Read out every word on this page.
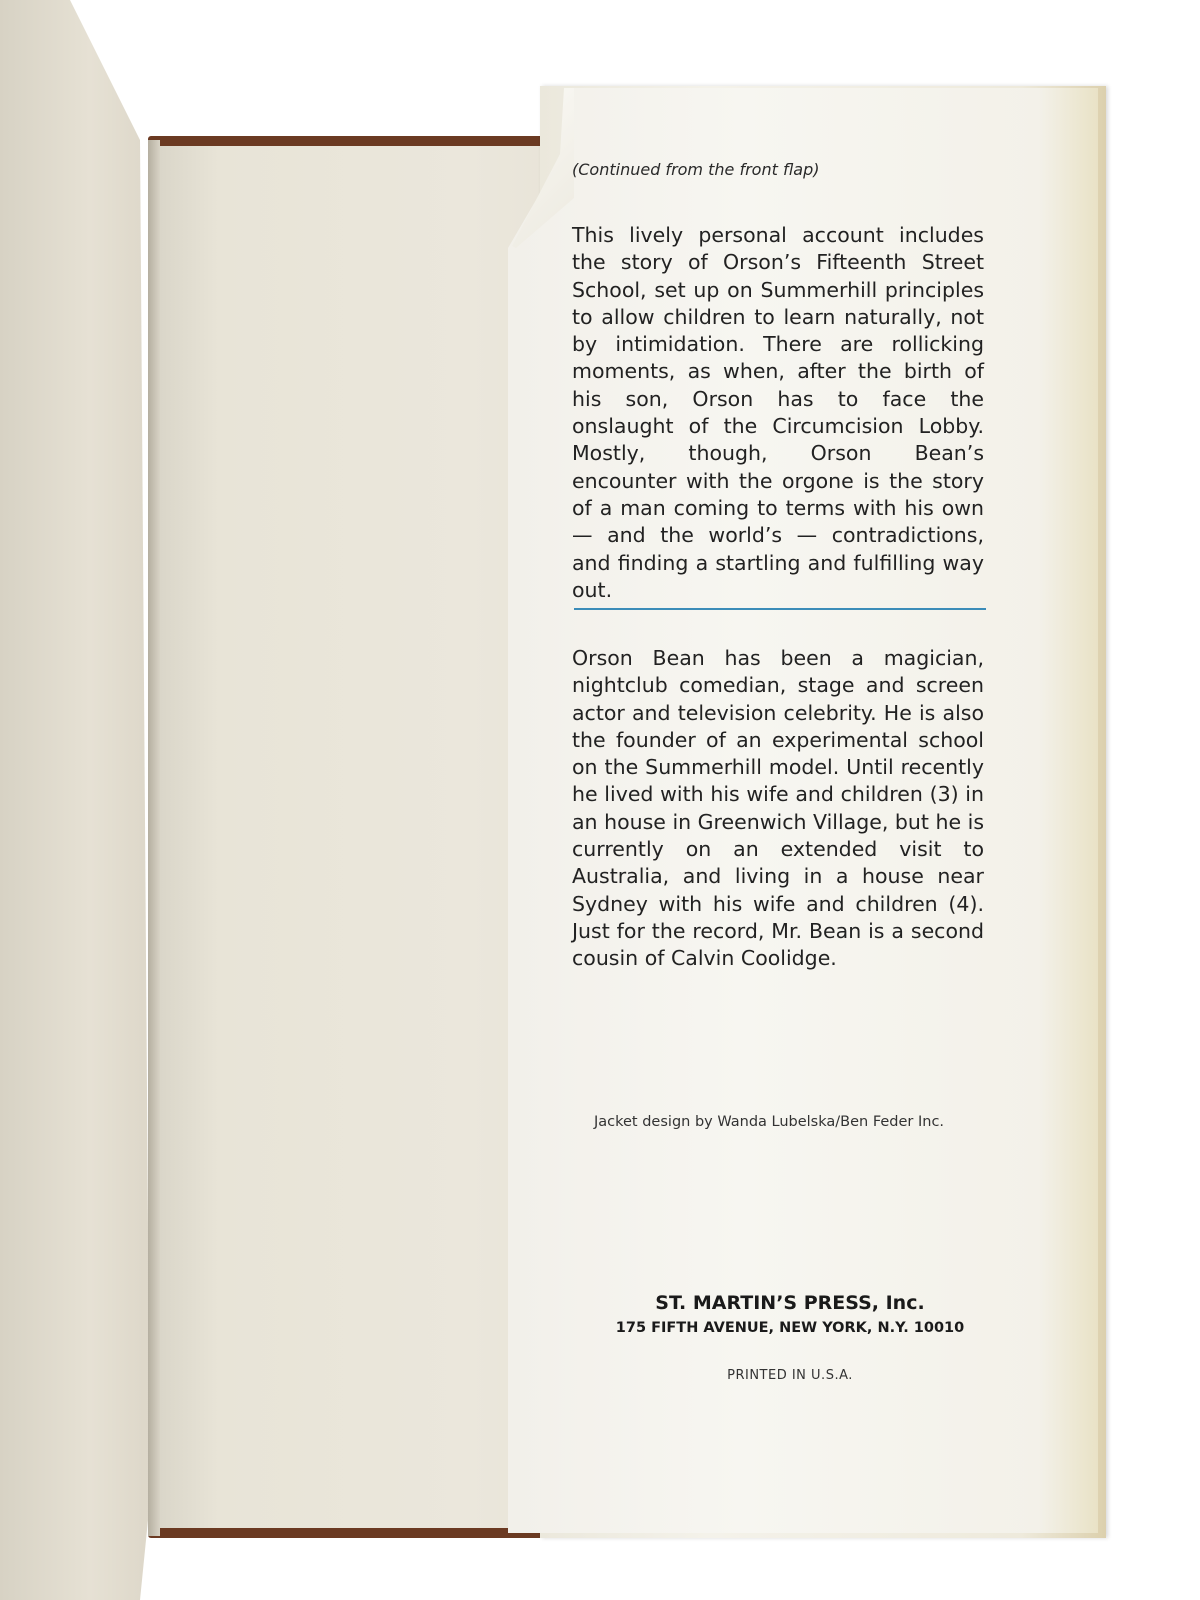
(Continued from the front flap)
This lively personal account includes the story of Orson’s Fifteenth Street School, set up on Summerhill principles to allow children to learn naturally, not by intimidation. There are rollicking moments, as when, after the birth of his son, Orson has to face the onslaught of the Circumcision Lobby. Mostly, though, Orson Bean’s encounter with the orgone is the story of a man coming to terms with his own — and the world’s — contradictions, and finding a startling and fulfilling way out.
Orson Bean has been a magician, nightclub comedian, stage and screen actor and television celebrity. He is also the founder of an experimental school on the Summerhill model. Until recently he lived with his wife and children (3) in an house in Greenwich Village, but he is currently on an extended visit to Australia, and living in a house near Sydney with his wife and children (4). Just for the record, Mr. Bean is a second cousin of Calvin Coolidge.
Jacket design by Wanda Lubelska/Ben Feder Inc.
ST. MARTIN’S PRESS, Inc.
175 FIFTH AVENUE, NEW YORK, N.Y. 10010
PRINTED IN U.S.A.
